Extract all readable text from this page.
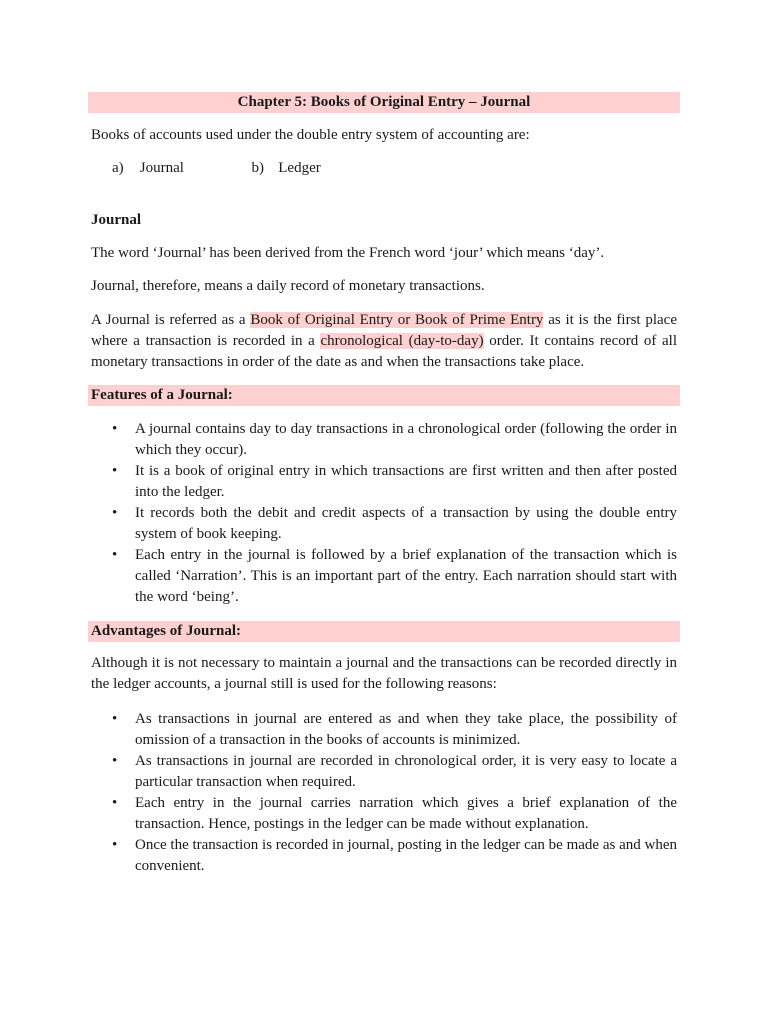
Chapter 5: Books of Original Entry – Journal

Books of accounts used under the double entry system of accounting are:

a) Journal	b) Ledger

Journal

The word ‘Journal’ has been derived from the French word ‘jour’ which means ‘day’.

Journal, therefore, means a daily record of monetary transactions.

A Journal is referred as a Book of Original Entry or Book of Prime Entry as it is the first place where a transaction is recorded in a chronological (day-to-day) order. It contains record of all monetary transactions in order of the date as and when the transactions take place.

Features of a Journal:
• A journal contains day to day transactions in a chronological order (following the order in which they occur).
• It is a book of original entry in which transactions are first written and then after posted into the ledger.
• It records both the debit and credit aspects of a transaction by using the double entry system of book keeping.
• Each entry in the journal is followed by a brief explanation of the transaction which is called ‘Narration’. This is an important part of the entry. Each narration should start with the word ‘being’.
Advantages of Journal:

Although it is not necessary to maintain a journal and the transactions can be recorded directly in the ledger accounts, a journal still is used for the following reasons:

• As transactions in journal are entered as and when they take place, the possibility of omission of a transaction in the books of accounts is minimized.
• As transactions in journal are recorded in chronological order, it is very easy to locate a particular transaction when required.
• Each entry in the journal carries narration which gives a brief explanation of the transaction. Hence, postings in the ledger can be made without explanation.
• Once the transaction is recorded in journal, posting in the ledger can be made as and when convenient.
